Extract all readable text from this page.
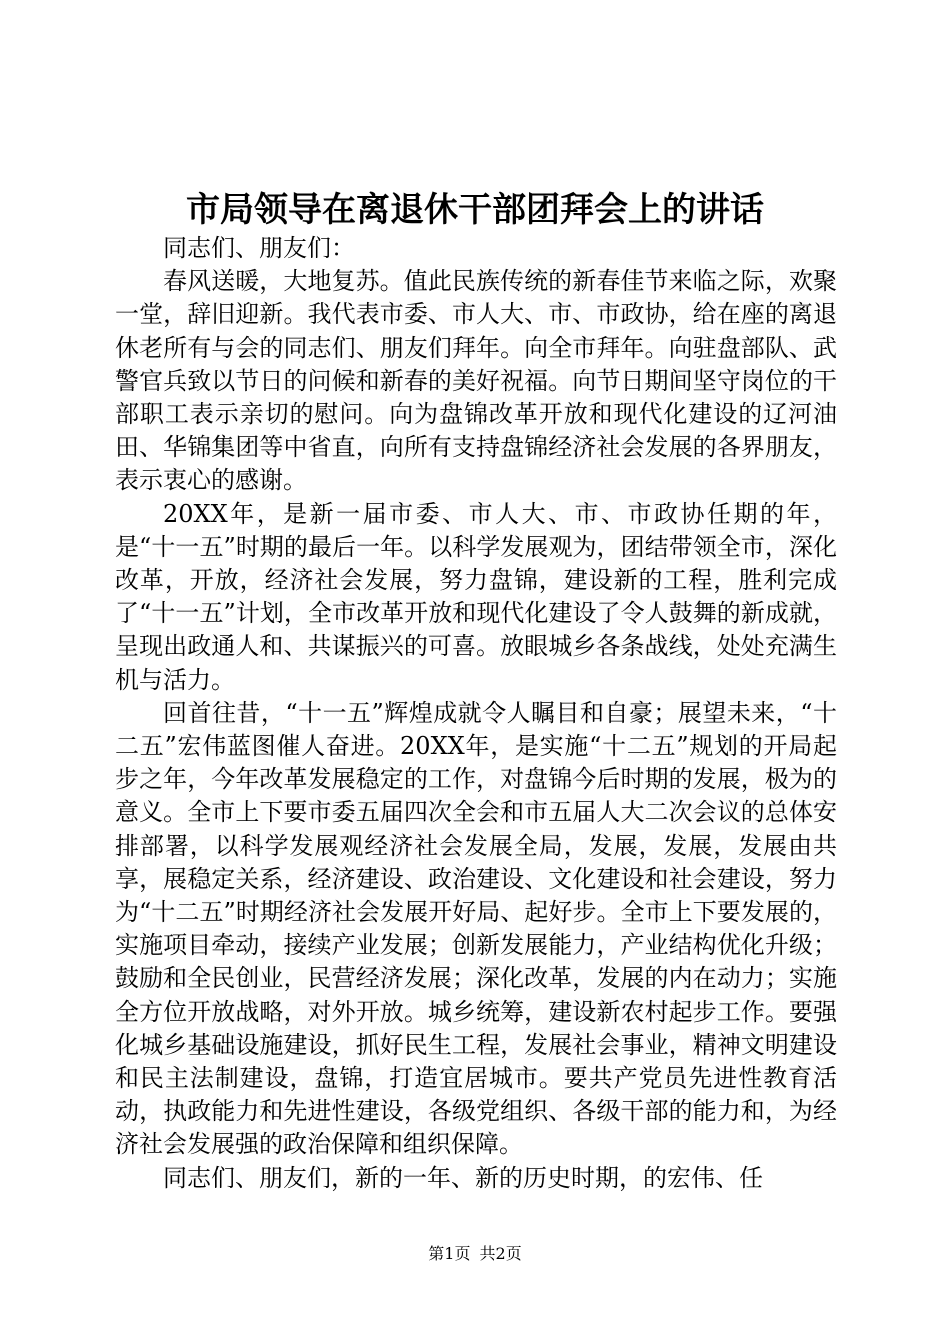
市局领导在离退休干部团拜会上的讲话

同志们、朋友们：

春风送暖，大地复苏。值此民族传统的新春佳节来临之际，欢聚一堂，辞旧迎新。我代表市委、市人大、市、市政协，给在座的离退休老所有与会的同志们、朋友们拜年。向全市拜年。向驻盘部队、武警官兵致以节日的问候和新春的美好祝福。向节日期间坚守岗位的干部职工表示亲切的慰问。向为盘锦改革开放和现代化建设的辽河油田、华锦集团等中省直，向所有支持盘锦经济社会发展的各界朋友，表示衷心的感谢。

20XX年，是新一届市委、市人大、市、市政协任期的年，是“十一五”时期的最后一年。以科学发展观为，团结带领全市，深化改革，开放，经济社会发展，努力盘锦，建设新的工程，胜利完成了“十一五”计划，全市改革开放和现代化建设了令人鼓舞的新成就，呈现出政通人和、共谋振兴的可喜。放眼城乡各条战线，处处充满生机与活力。

回首往昔，“十一五”辉煌成就令人瞩目和自豪；展望未来，“十二五”宏伟蓝图催人奋进。20XX年，是实施“十二五”规划的开局起步之年，今年改革发展稳定的工作，对盘锦今后时期的发展，极为的意义。全市上下要市委五届四次全会和市五届人大二次会议的总体安排部署，以科学发展观经济社会发展全局，发展，发展，发展由共享，展稳定关系，经济建设、政治建设、文化建设和社会建设，努力为“十二五”时期经济社会发展开好局、起好步。全市上下要发展的，实施项目牵动，接续产业发展；创新发展能力，产业结构优化升级；鼓励和全民创业，民营经济发展；深化改革，发展的内在动力；实施全方位开放战略，对外开放。城乡统筹，建设新农村起步工作。要强化城乡基础设施建设，抓好民生工程，发展社会事业，精神文明建设和民主法制建设，盘锦，打造宜居城市。要共产党员先进性教育活动，执政能力和先进性建设，各级党组织、各级干部的能力和，为经济社会发展强的政治保障和组织保障。

同志们、朋友们，新的一年、新的历史时期，的宏伟、任

第1页 共2页
